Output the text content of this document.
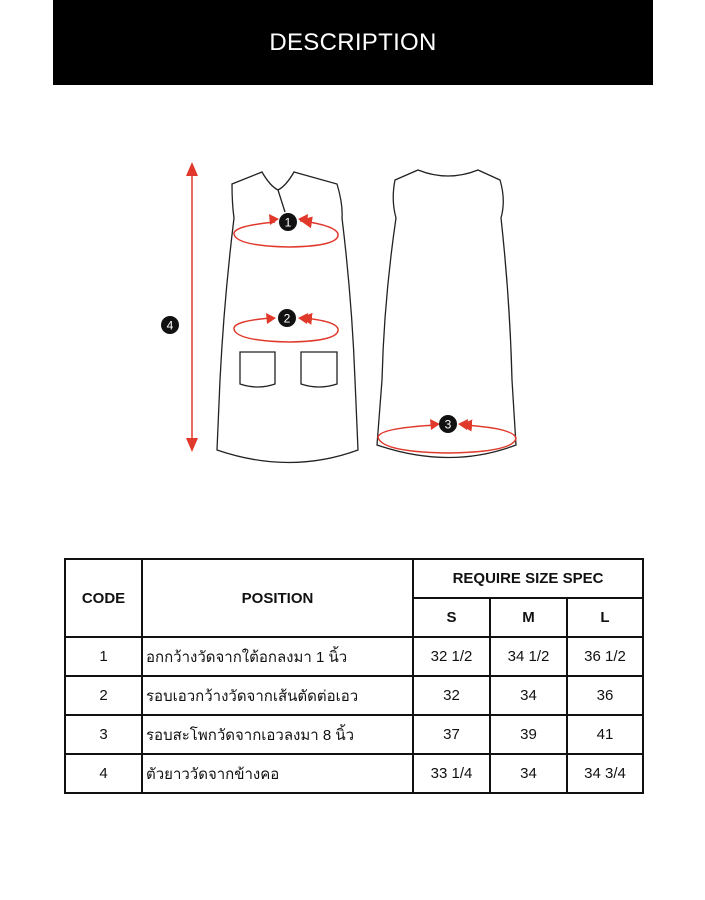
DESCRIPTION
1
2
3
4
CODE	POSITION	REQUIRE SIZE SPEC		
		S	M	L
1	อกกว้างวัดจากใต้อกลงมา 1 นิ้ว	32 1/2	34 1/2	36 1/2
2	รอบเอวกว้างวัดจากเส้นตัดต่อเอว	32	34	36
3	รอบสะโพกวัดจากเอวลงมา 8 นิ้ว	37	39	41
4	ตัวยาววัดจากข้างคอ	33 1/4	34	34 3/4
